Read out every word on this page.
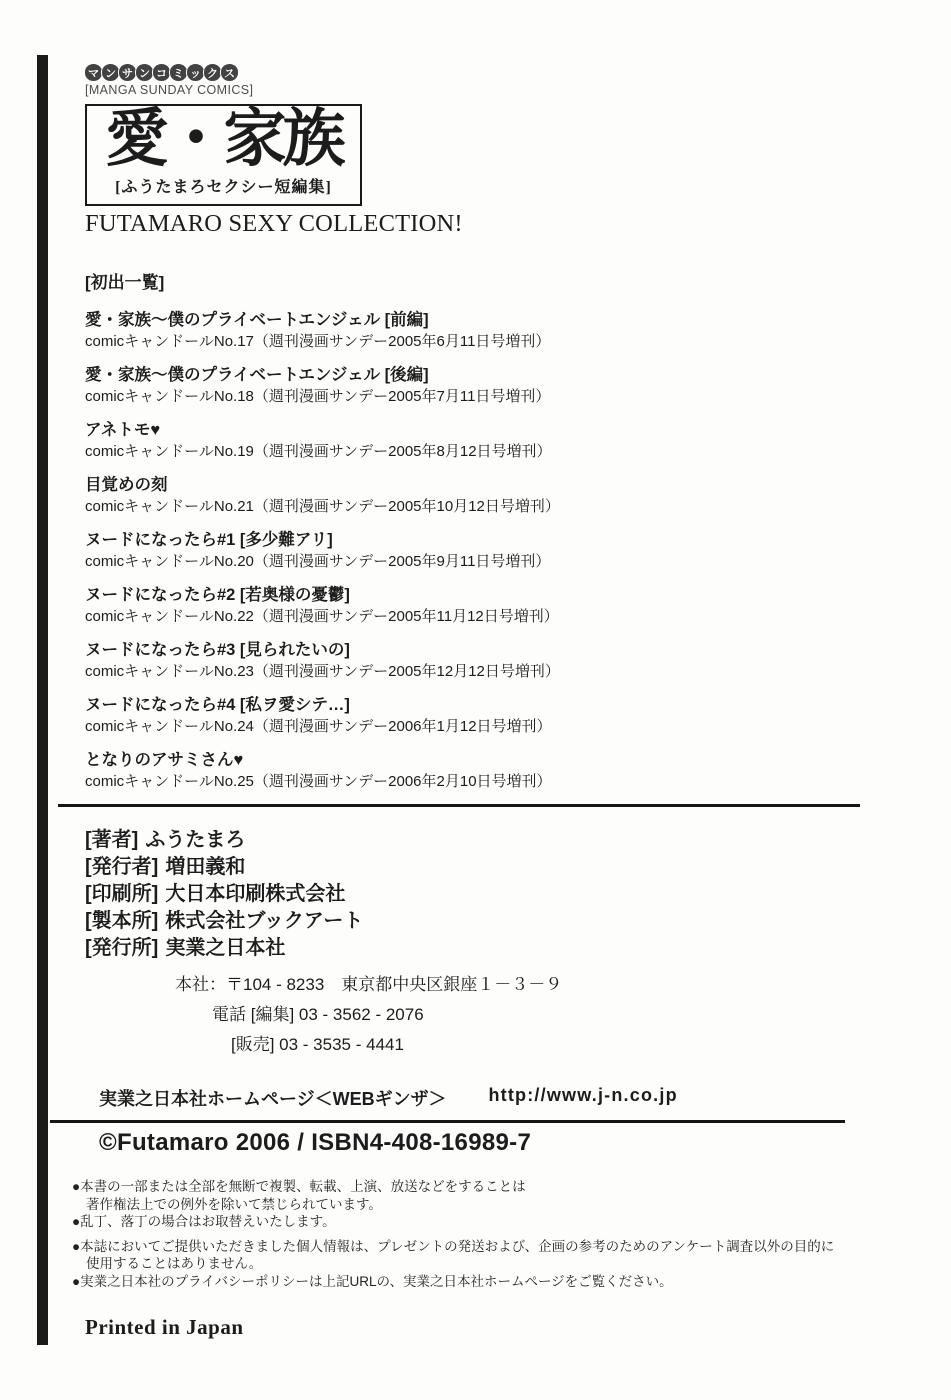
マ ン サ ン コ ミ ッ ク ス
[MANGA SUNDAY COMICS]
愛・家族
[ふうたまろセクシー短編集]
FUTAMARO SEXY COLLECTION!
[初出一覧]
愛・家族～僕のプライベートエンジェル [前編]
comicキャンドールNo.17（週刊漫画サンデー2005年6月11日号増刊）
愛・家族～僕のプライベートエンジェル [後編]
comicキャンドールNo.18（週刊漫画サンデー2005年7月11日号増刊）
アネトモ♥
comicキャンドールNo.19（週刊漫画サンデー2005年8月12日号増刊）
目覚めの刻
comicキャンドールNo.21（週刊漫画サンデー2005年10月12日号増刊）
ヌードになったら#1 [多少難アリ]
comicキャンドールNo.20（週刊漫画サンデー2005年9月11日号増刊）
ヌードになったら#2 [若奥様の憂鬱]
comicキャンドールNo.22（週刊漫画サンデー2005年11月12日号増刊）
ヌードになったら#3 [見られたいの]
comicキャンドールNo.23（週刊漫画サンデー2005年12月12日号増刊）
ヌードになったら#4 [私ヲ愛シテ…]
comicキャンドールNo.24（週刊漫画サンデー2006年1月12日号増刊）
となりのアサミさん♥
comicキャンドールNo.25（週刊漫画サンデー2006年2月10日号増刊）
[著者] ふうたまろ
[発行者] 増田義和
[印刷所] 大日本印刷株式会社
[製本所] 株式会社ブックアート
[発行所] 実業之日本社
本社：〒104 - 8233　東京都中央区銀座１－３－９
電話 [編集] 03 - 3562 - 2076
[販売] 03 - 3535 - 4441
実業之日本社ホームページ＜WEBギンザ＞ http://www.j-n.co.jp
©Futamaro 2006 / ISBN4-408-16989-7
●本書の一部または全部を無断で複製、転載、上演、放送などをすることは
著作権法上での例外を除いて禁じられています。
●乱丁、落丁の場合はお取替えいたします。
●本誌においてご提供いただきました個人情報は、プレゼントの発送および、企画の参考のためのアンケート調査以外の目的に
使用することはありません。
●実業之日本社のプライバシーポリシーは上記URLの、実業之日本社ホームページをご覧ください。
Printed in Japan
